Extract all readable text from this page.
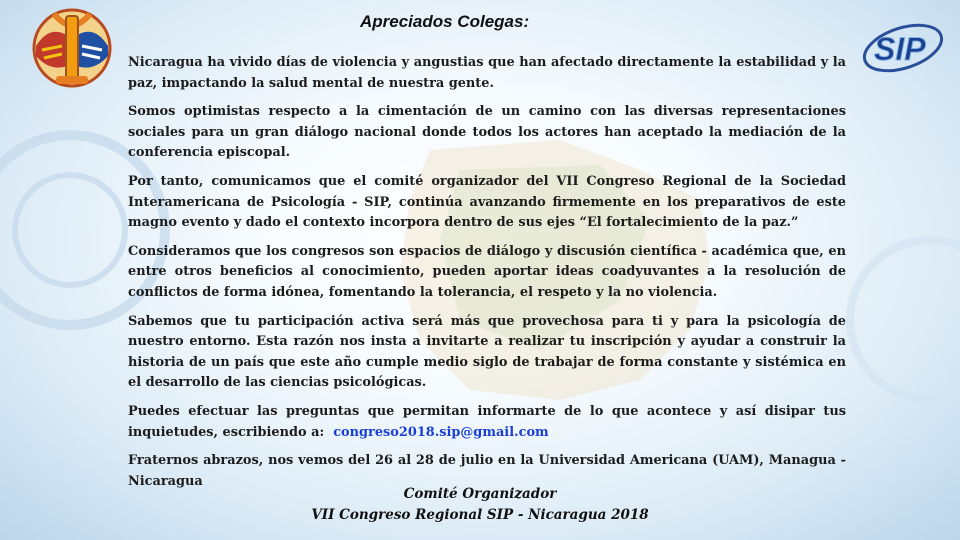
SIP
Apreciados Colegas:

Nicaragua ha vivido días de violencia y angustias que han afectado directamente la estabilidad y la paz, impactando la salud mental de nuestra gente.

Somos optimistas respecto a la cimentación de un camino con las diversas representaciones sociales para un gran diálogo nacional donde todos los actores han aceptado la mediación de la conferencia episcopal.

Por tanto, comunicamos que el comité organizador del VII Congreso Regional de la Sociedad Interamericana de Psicología - SIP, continúa avanzando firmemente en los preparativos de este magno evento y dado el contexto incorpora dentro de sus ejes “El fortalecimiento de la paz.”

Consideramos que los congresos son espacios de diálogo y discusión científica - académica que, en entre otros beneficios al conocimiento, pueden aportar ideas coadyuvantes a la resolución de conflictos de forma idónea, fomentando la tolerancia, el respeto y la no violencia.

Sabemos que tu participación activa será más que provechosa para ti y para la psicología de nuestro entorno. Esta razón nos insta a invitarte a realizar tu inscripción y ayudar a construir la historia de un país que este año cumple medio siglo de trabajar de forma constante y sistémica en el desarrollo de las ciencias psicológicas.

Puedes efectuar las preguntas que permitan informarte de lo que acontece y así disipar tus inquietudes, escribiendo a: congreso2018.sip@gmail.com

Fraternos abrazos, nos vemos del 26 al 28 de julio en la Universidad Americana (UAM), Managua - Nicaragua

Comité Organizador
VII Congreso Regional SIP - Nicaragua 2018
